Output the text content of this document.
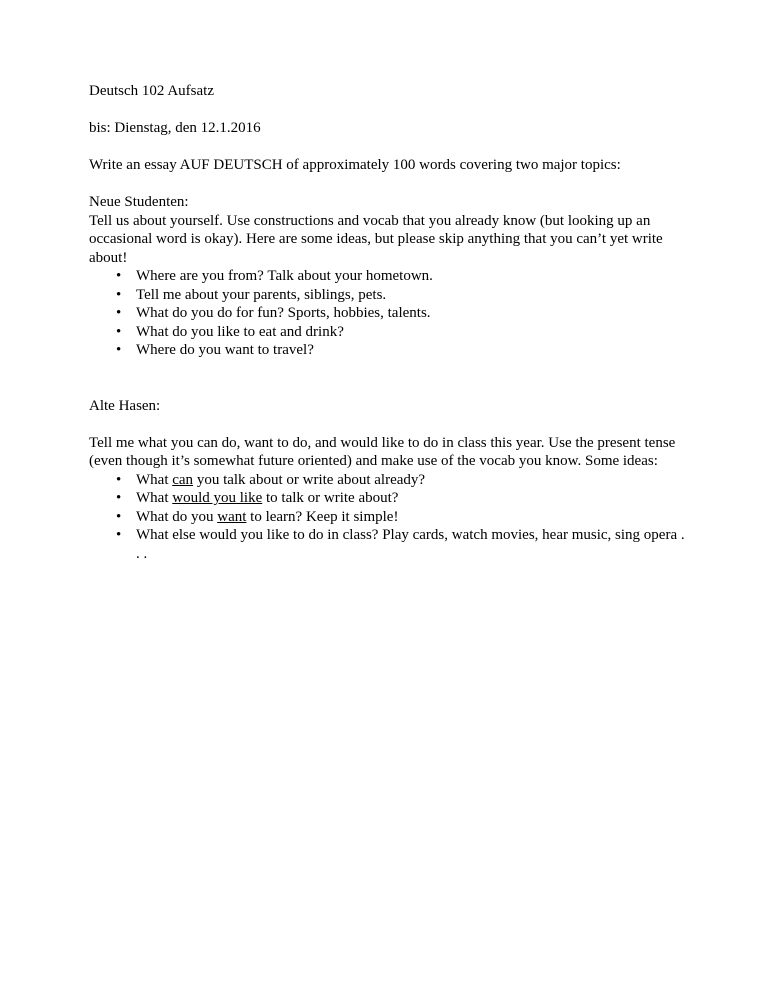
Deutsch 102 Aufsatz

bis: Dienstag, den 12.1.2016

Write an essay AUF DEUTSCH of approximately 100 words covering two major topics:

Neue Studenten:

Tell us about yourself. Use constructions and vocab that you already know (but looking up an occasional word is okay). Here are some ideas, but please skip anything that you can’t yet write about!

• Where are you from? Talk about your hometown.
• Tell me about your parents, siblings, pets.
• What do you do for fun? Sports, hobbies, talents.
• What do you like to eat and drink?
• Where do you want to travel?

Alte Hasen:

Tell me what you can do, want to do, and would like to do in class this year. Use the present tense (even though it’s somewhat future oriented) and make use of the vocab you know. Some ideas:

• What can you talk about or write about already?
• What would you like to talk or write about?
• What do you want to learn? Keep it simple!
• What else would you like to do in class? Play cards, watch movies, hear music, sing opera . . .
